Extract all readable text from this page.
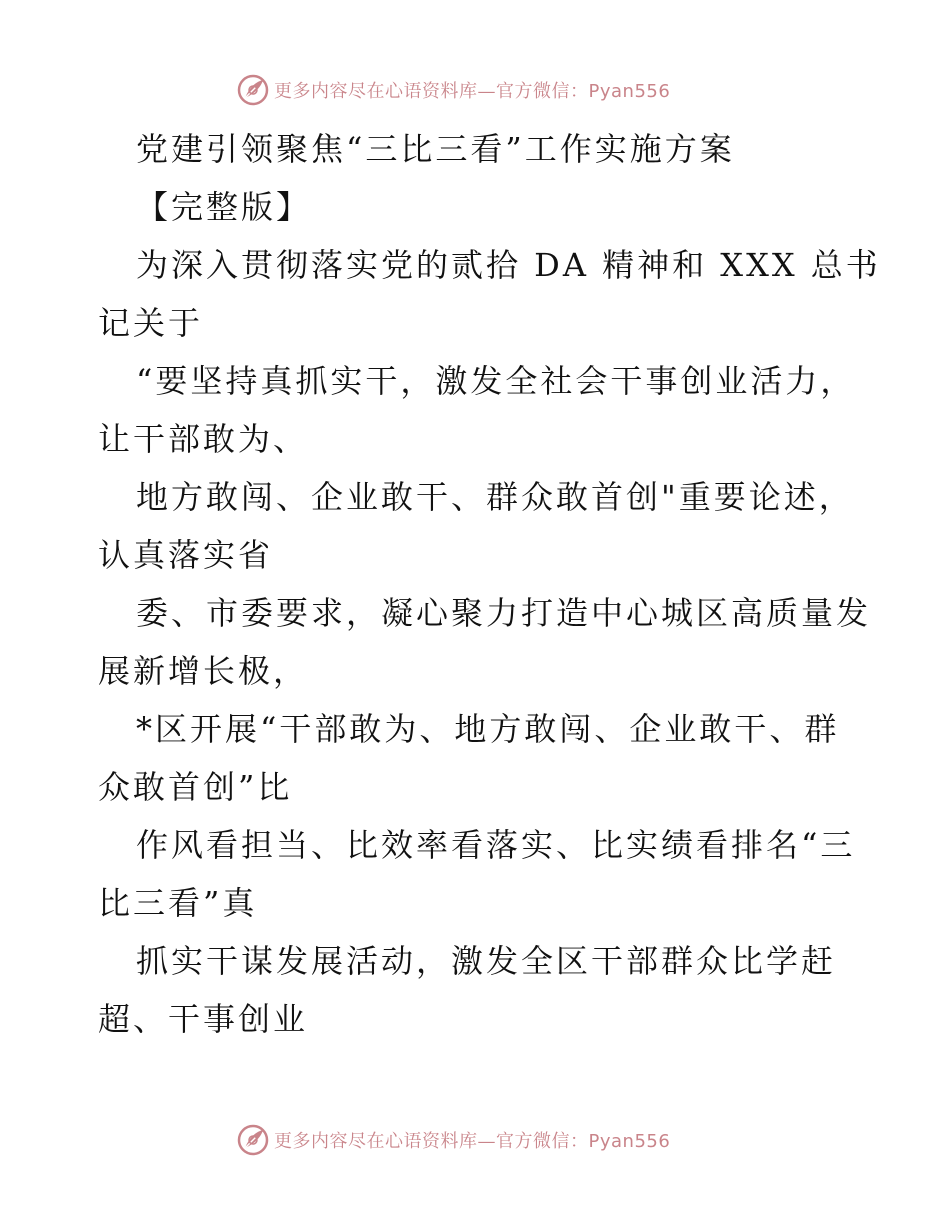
更多内容尽在心语资料库—官方微信：Pyan556
党建引领聚焦“三比三看”工作实施方案
【完整版】
为深入贯彻落实党的贰拾 DA 精神和 XXX 总书
记关于
“要坚持真抓实干，激发全社会干事创业活力，
让干部敢为、
地方敢闯、企业敢干、群众敢首创"重要论述，
认真落实省
委、市委要求，凝心聚力打造中心城区高质量发
展新增长极，
*区开展“干部敢为、地方敢闯、企业敢干、群
众敢首创”比
作风看担当、比效率看落实、比实绩看排名“三
比三看”真
抓实干谋发展活动，激发全区干部群众比学赶
超、干事创业
更多内容尽在心语资料库—官方微信：Pyan556
